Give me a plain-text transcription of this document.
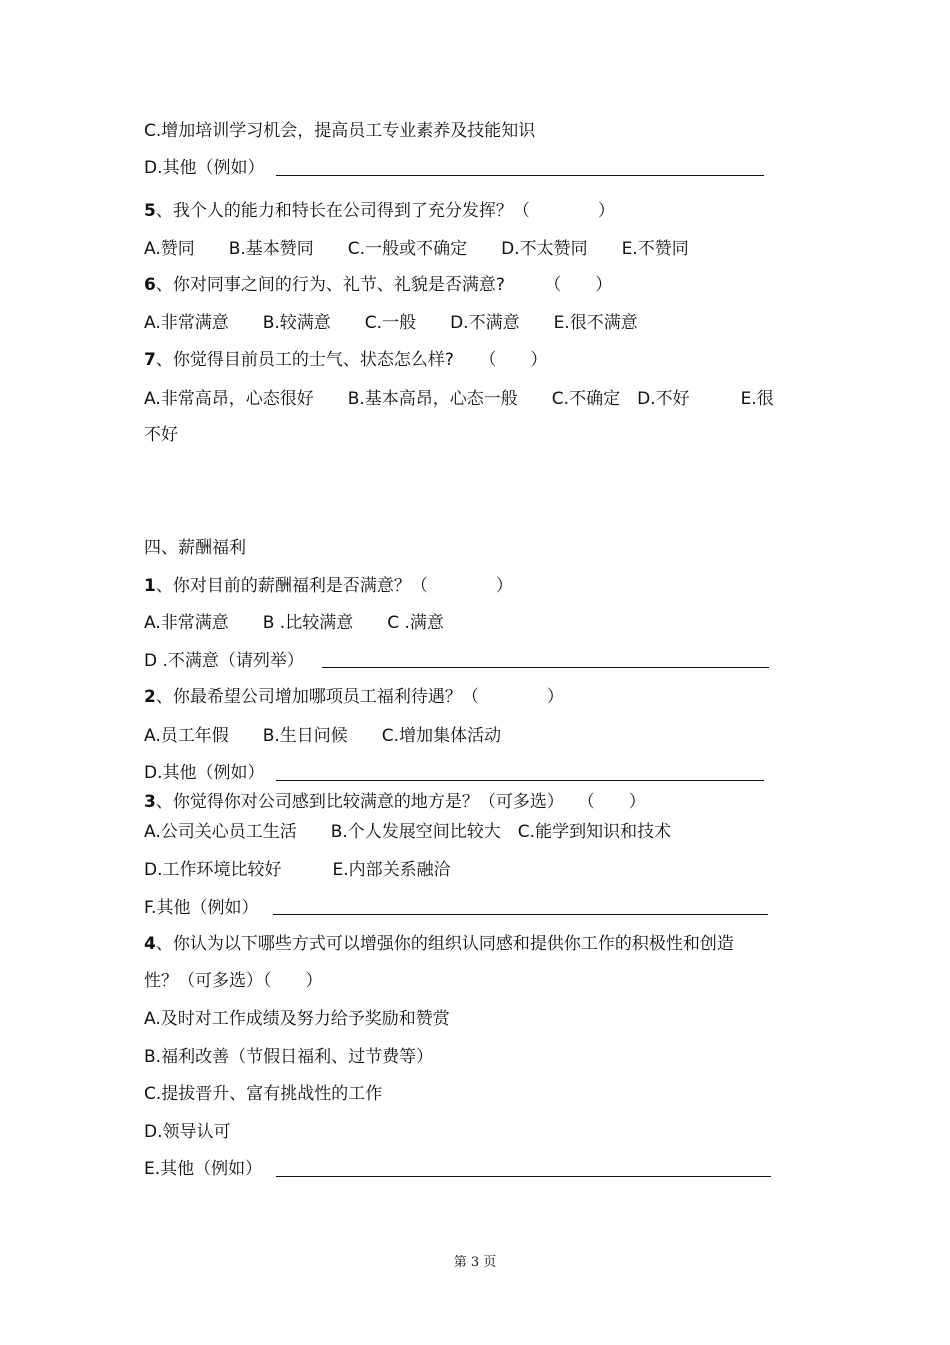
C.增加培训学习机会，提高员工专业素养及技能知识
D.其他（例如）
5、我个人的能力和特长在公司得到了充分发挥？（　　　　）
A.赞同　　B.基本赞同　　C.一般或不确定　　D.不太赞同　　E.不赞同
6、你对同事之间的行为、礼节、礼貌是否满意?　　 （　　）
A.非常满意　　B.较满意　　C.一般　　D.不满意　　E.很不满意
7、你觉得目前员工的士气、状态怎么样?　　（　　）
A.非常高昂，心态很好　　B.基本高昂，心态一般　　C.不确定　D.不好　　　E.很
不好
四、薪酬福利
1、你对目前的薪酬福利是否满意？（　　　　）
A.非常满意　　B .比较满意　　C .满意
D .不满意（请列举）
2、你最希望公司增加哪项员工福利待遇？（　　　　）
A.员工年假　　B.生日问候　　C.增加集体活动
D.其他（例如）
3、你觉得你对公司感到比较满意的地方是？（可多选）　 （　　）
A.公司关心员工生活　　B.个人发展空间比较大　C.能学到知识和技术
D.工作环境比较好　　　E.内部关系融洽
F.其他（例如）
4、你认为以下哪些方式可以增强你的组织认同感和提供你工作的积极性和创造
性？（可多选）（　　）
A.及时对工作成绩及努力给予奖励和赞赏
B.福利改善（节假日福利、过节费等）
C.提拔晋升、富有挑战性的工作
D.领导认可
E.其他（例如）
第 3 页
